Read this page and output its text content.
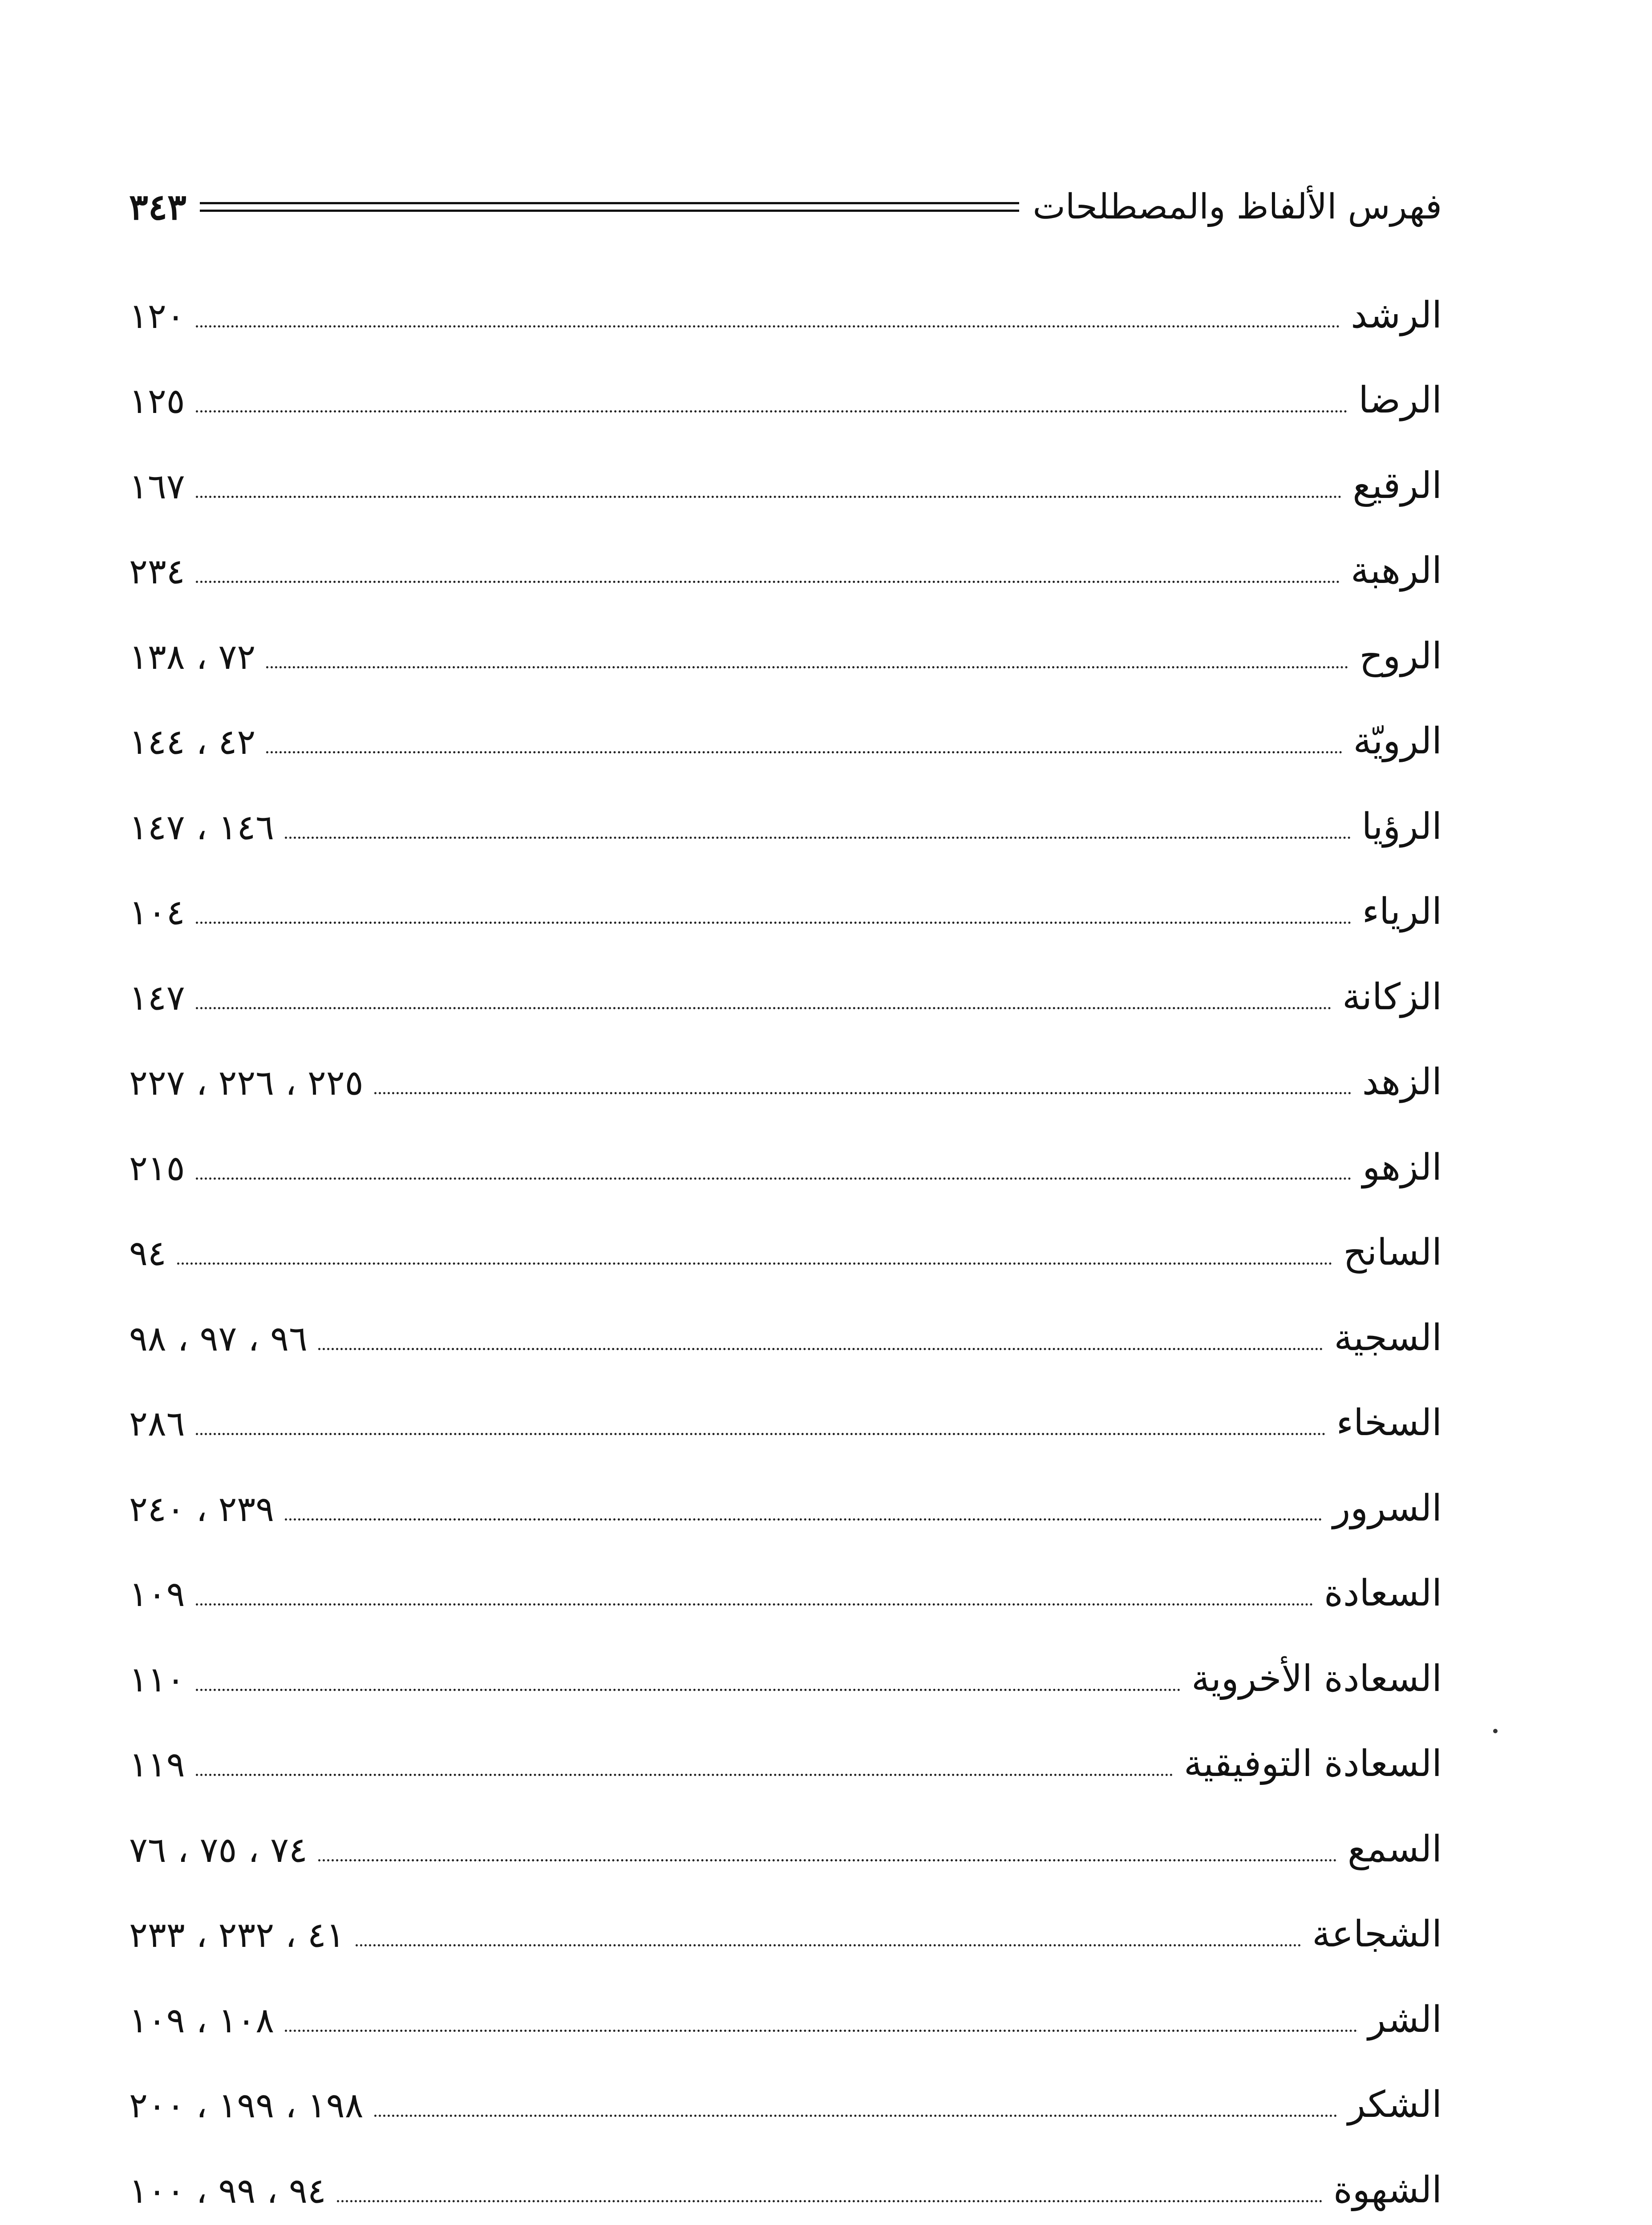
فهرس الألفاظ والمصطلحات
٣٤٣
الرشد
١٢٠
الرضا
١٢٥
الرقيع
١٦٧
الرهبة
٢٣٤
الروح
٧٢ ، ١٣٨
الرويّة
٤٢ ، ١٤٤
الرؤيا
١٤٦ ، ١٤٧
الرياء
١٠٤
الزكانة
١٤٧
الزهد
٢٢٥ ، ٢٢٦ ، ٢٢٧
الزهو
٢١٥
السانح
٩٤
السجية
٩٦ ، ٩٧ ، ٩٨
السخاء
٢٨٦
السرور
٢٣٩ ، ٢٤٠
السعادة
١٠٩
السعادة الأخروية
١١٠
السعادة التوفيقية
١١٩
السمع
٧٤ ، ٧٥ ، ٧٦
الشجاعة
٤١ ، ٢٣٢ ، ٢٣٣
الشر
١٠٨ ، ١٠٩
الشكر
١٩٨ ، ١٩٩ ، ٢٠٠
الشهوة
٩٤ ، ٩٩ ، ١٠٠
